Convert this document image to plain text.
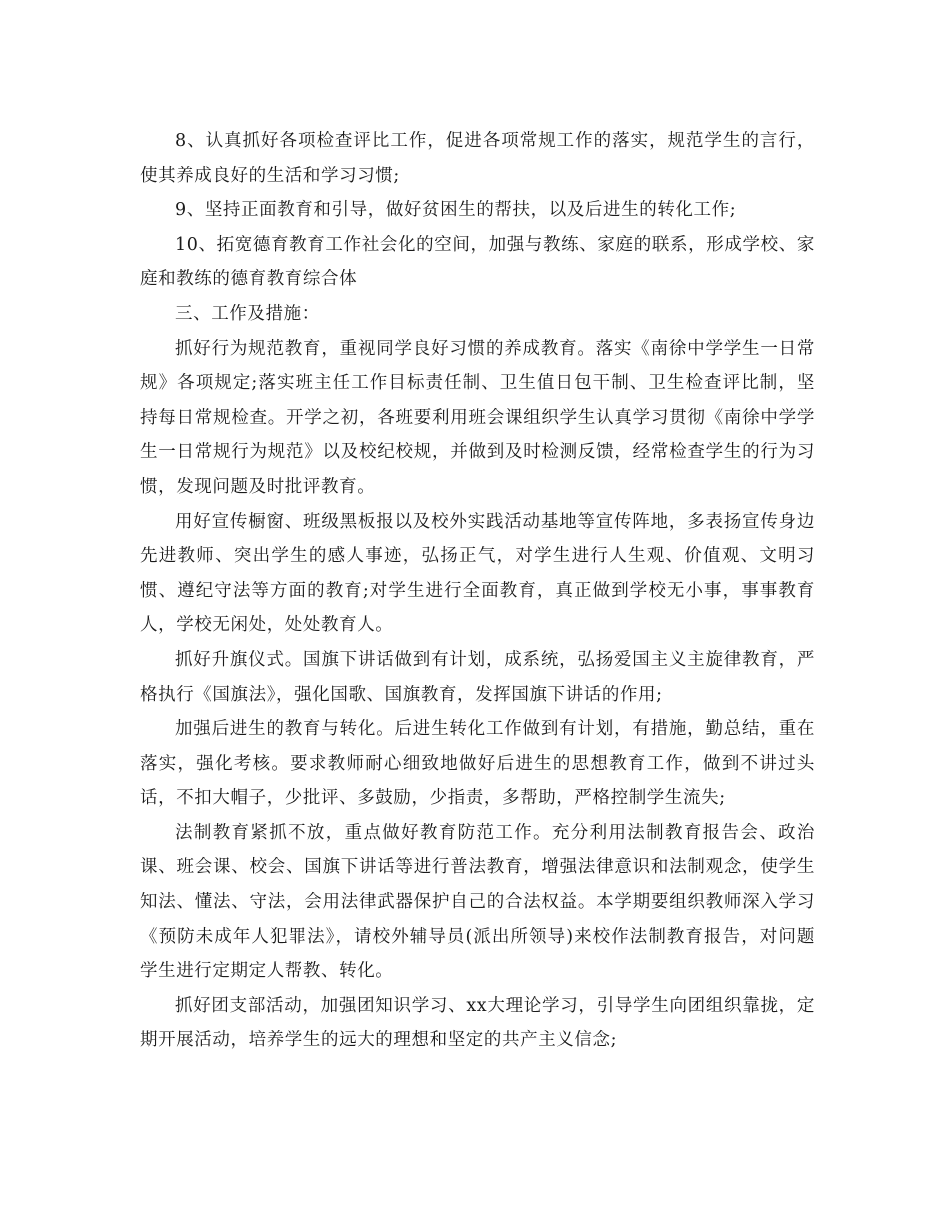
8、认真抓好各项检查评比工作，促进各项常规工作的落实，规范学生的言行，使其养成良好的生活和学习习惯;

9、坚持正面教育和引导，做好贫困生的帮扶，以及后进生的转化工作;

10、拓宽德育教育工作社会化的空间，加强与教练、家庭的联系，形成学校、家庭和教练的德育教育综合体

三、工作及措施：

抓好行为规范教育，重视同学良好习惯的养成教育。落实《南徐中学学生一日常规》各项规定;落实班主任工作目标责任制、卫生值日包干制、卫生检查评比制，坚持每日常规检查。开学之初，各班要利用班会课组织学生认真学习贯彻《南徐中学学生一日常规行为规范》以及校纪校规，并做到及时检测反馈，经常检查学生的行为习惯，发现问题及时批评教育。

用好宣传橱窗、班级黑板报以及校外实践活动基地等宣传阵地，多表扬宣传身边先进教师、突出学生的感人事迹，弘扬正气，对学生进行人生观、价值观、文明习惯、遵纪守法等方面的教育;对学生进行全面教育，真正做到学校无小事，事事教育人，学校无闲处，处处教育人。

抓好升旗仪式。国旗下讲话做到有计划，成系统，弘扬爱国主义主旋律教育，严格执行《国旗法》，强化国歌、国旗教育，发挥国旗下讲话的作用;

加强后进生的教育与转化。后进生转化工作做到有计划，有措施，勤总结，重在落实，强化考核。要求教师耐心细致地做好后进生的思想教育工作，做到不讲过头话，不扣大帽子，少批评、多鼓励，少指责，多帮助，严格控制学生流失;

法制教育紧抓不放，重点做好教育防范工作。充分利用法制教育报告会、政治课、班会课、校会、国旗下讲话等进行普法教育，增强法律意识和法制观念，使学生知法、懂法、守法，会用法律武器保护自己的合法权益。本学期要组织教师深入学习《预防未成年人犯罪法》，请校外辅导员(派出所领导)来校作法制教育报告，对问题学生进行定期定人帮教、转化。

抓好团支部活动，加强团知识学习、xx大理论学习，引导学生向团组织靠拢，定期开展活动，培养学生的远大的理想和坚定的共产主义信念;
